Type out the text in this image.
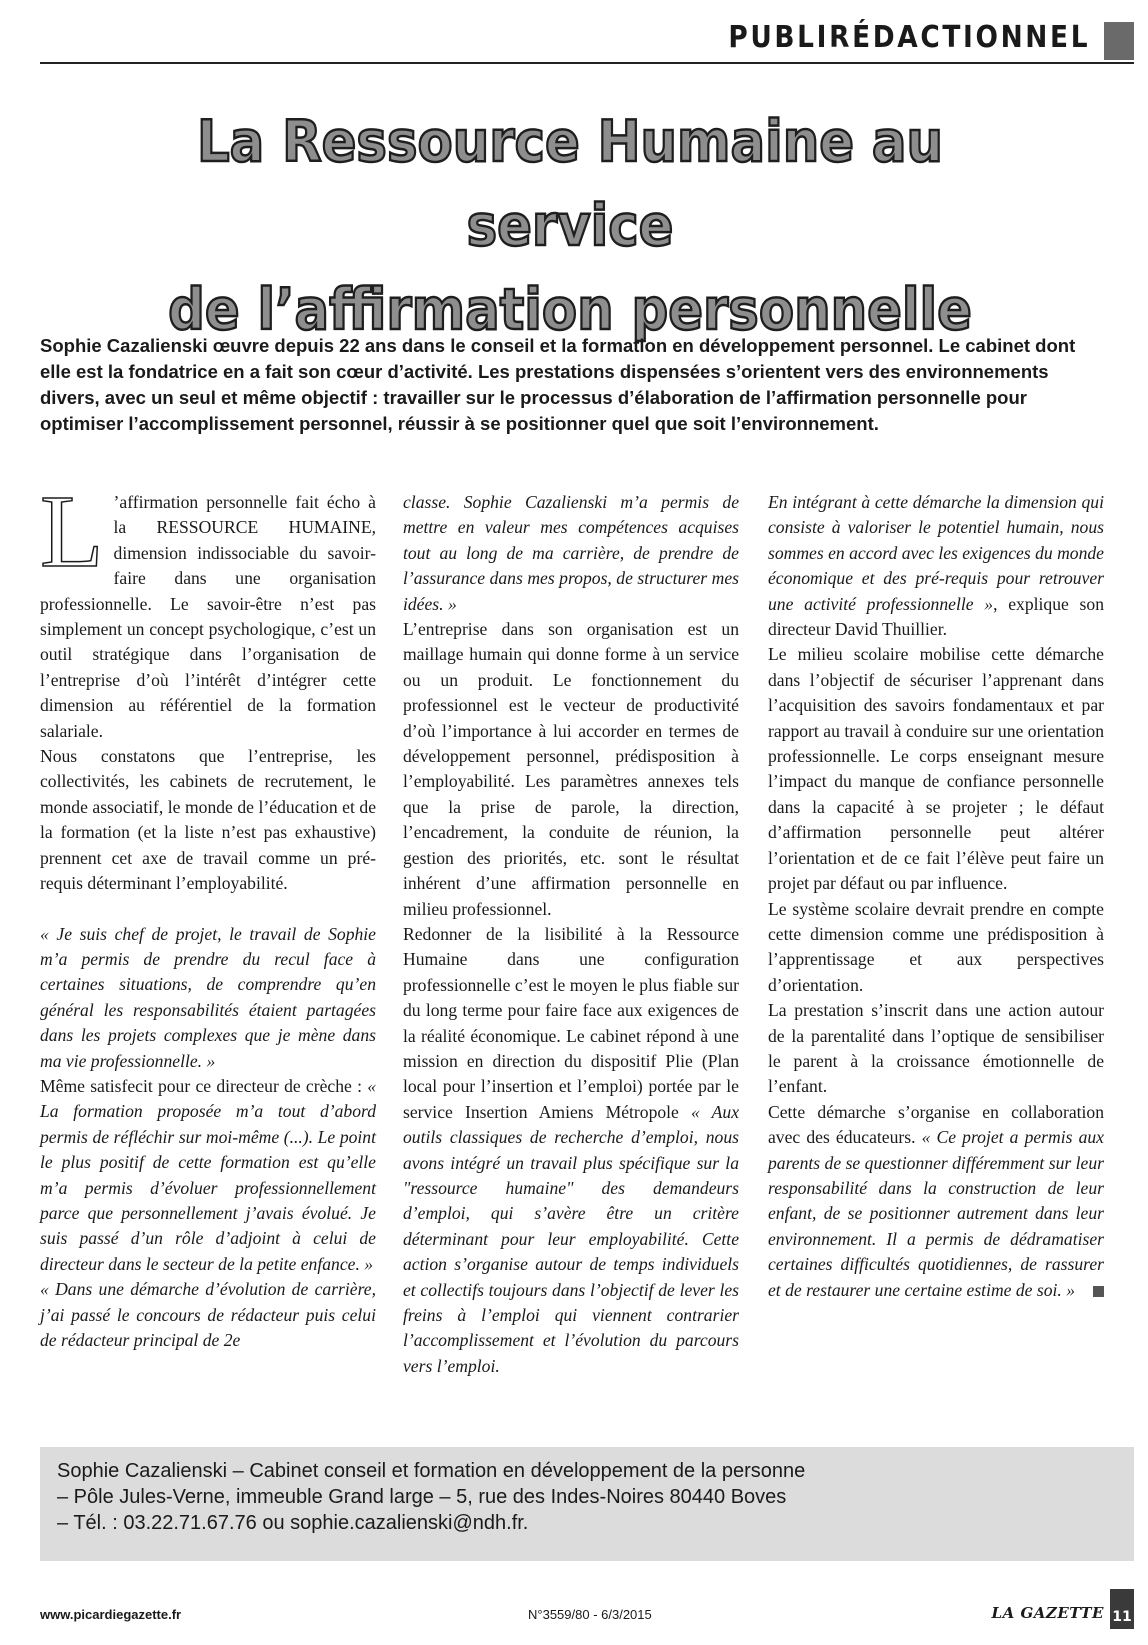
PUBLIRÉDACTIONNEL
La Ressource Humaine au service
de l’affirmation personnelle

Sophie Cazalienski œuvre depuis 22 ans dans le conseil et la formation en développement personnel. Le cabinet dont elle est la fondatrice en a fait son cœur d’activité. Les prestations dispensées s’orientent vers des environnements divers, avec un seul et même objectif : travailler sur le processus d’élaboration de l’affirmation personnelle pour optimiser l’accomplissement personnel, réussir à se positionner quel que soit l’environnement.

L ’affirmation personnelle fait écho à la RESSOURCE HUMAINE, dimension indissociable du savoir-faire dans une organisation professionnelle. Le savoir-être n’est pas simplement un concept psychologique, c’est un outil stratégique dans l’organisation de l’entreprise d’où l’intérêt d’intégrer cette dimension au référentiel de la formation salariale.

Nous constatons que l’entreprise, les collectivités, les cabinets de recrutement, le monde associatif, le monde de l’éducation et de la formation (et la liste n’est pas exhaustive) prennent cet axe de travail comme un pré-requis déterminant l’employabilité.

« Je suis chef de projet, le travail de Sophie m’a permis de prendre du recul face à certaines situations, de comprendre qu’en général les responsabilités étaient partagées dans les projets complexes que je mène dans ma vie professionnelle. »

Même satisfecit pour ce directeur de crèche : « La formation proposée m’a tout d’abord permis de réfléchir sur moi-même (...). Le point le plus positif de cette formation est qu’elle m’a permis d’évoluer professionnellement parce que personnellement j’avais évolué. Je suis passé d’un rôle d’adjoint à celui de directeur dans le secteur de la petite enfance. »

« Dans une démarche d’évolution de carrière, j’ai passé le concours de rédacteur puis celui de rédacteur principal de 2e

classe. Sophie Cazalienski m’a permis de mettre en valeur mes compétences acquises tout au long de ma carrière, de prendre de l’assurance dans mes propos, de structurer mes idées. »

L’entreprise dans son organisation est un maillage humain qui donne forme à un service ou un produit. Le fonctionnement du professionnel est le vecteur de productivité d’où l’importance à lui accorder en termes de développement personnel, prédisposition à l’employabilité. Les paramètres annexes tels que la prise de parole, la direction, l’encadrement, la conduite de réunion, la gestion des priorités, etc. sont le résultat inhérent d’une affirmation personnelle en milieu professionnel.

Redonner de la lisibilité à la Ressource Humaine dans une configuration professionnelle c’est le moyen le plus fiable sur du long terme pour faire face aux exigences de la réalité économique. Le cabinet répond à une mission en direction du dispositif Plie (Plan local pour l’insertion et l’emploi) portée par le service Insertion Amiens Métropole « Aux outils classiques de recherche d’emploi, nous avons intégré un travail plus spécifique sur la "ressource humaine" des demandeurs d’emploi, qui s’avère être un critère déterminant pour leur employabilité. Cette action s’organise autour de temps individuels et collectifs toujours dans l’objectif de lever les freins à l’emploi qui viennent contrarier l’accomplissement et l’évolution du parcours vers l’emploi.

En intégrant à cette démarche la dimension qui consiste à valoriser le potentiel humain, nous sommes en accord avec les exigences du monde économique et des pré-requis pour retrouver une activité professionnelle », explique son directeur David Thuillier.

Le milieu scolaire mobilise cette démarche dans l’objectif de sécuriser l’apprenant dans l’acquisition des savoirs fondamentaux et par rapport au travail à conduire sur une orientation professionnelle. Le corps enseignant mesure l’impact du manque de confiance personnelle dans la capacité à se projeter ; le défaut d’affirmation personnelle peut altérer l’orientation et de ce fait l’élève peut faire un projet par défaut ou par influence.

Le système scolaire devrait prendre en compte cette dimension comme une prédisposition à l’apprentissage et aux perspectives d’orientation.

La prestation s’inscrit dans une action autour de la parentalité dans l’optique de sensibiliser le parent à la croissance émotionnelle de l’enfant.

Cette démarche s’organise en collaboration avec des éducateurs. « Ce projet a permis aux parents de se questionner différemment sur leur responsabilité dans la construction de leur enfant, de se positionner autrement dans leur environnement. Il a permis de dédramatiser certaines difficultés quotidiennes, de rassurer et de restaurer une certaine estime de soi. »

Sophie Cazalienski – Cabinet conseil et formation en développement de la personne
– Pôle Jules-Verne, immeuble Grand large – 5, rue des Indes-Noires 80440 Boves
– Tél. : 03.22.71.67.76 ou sophie.cazalienski@ndh.fr.
www.picardiegazette.fr	N°3559/80 - 6/3/2015	LA GAZETTE 11
